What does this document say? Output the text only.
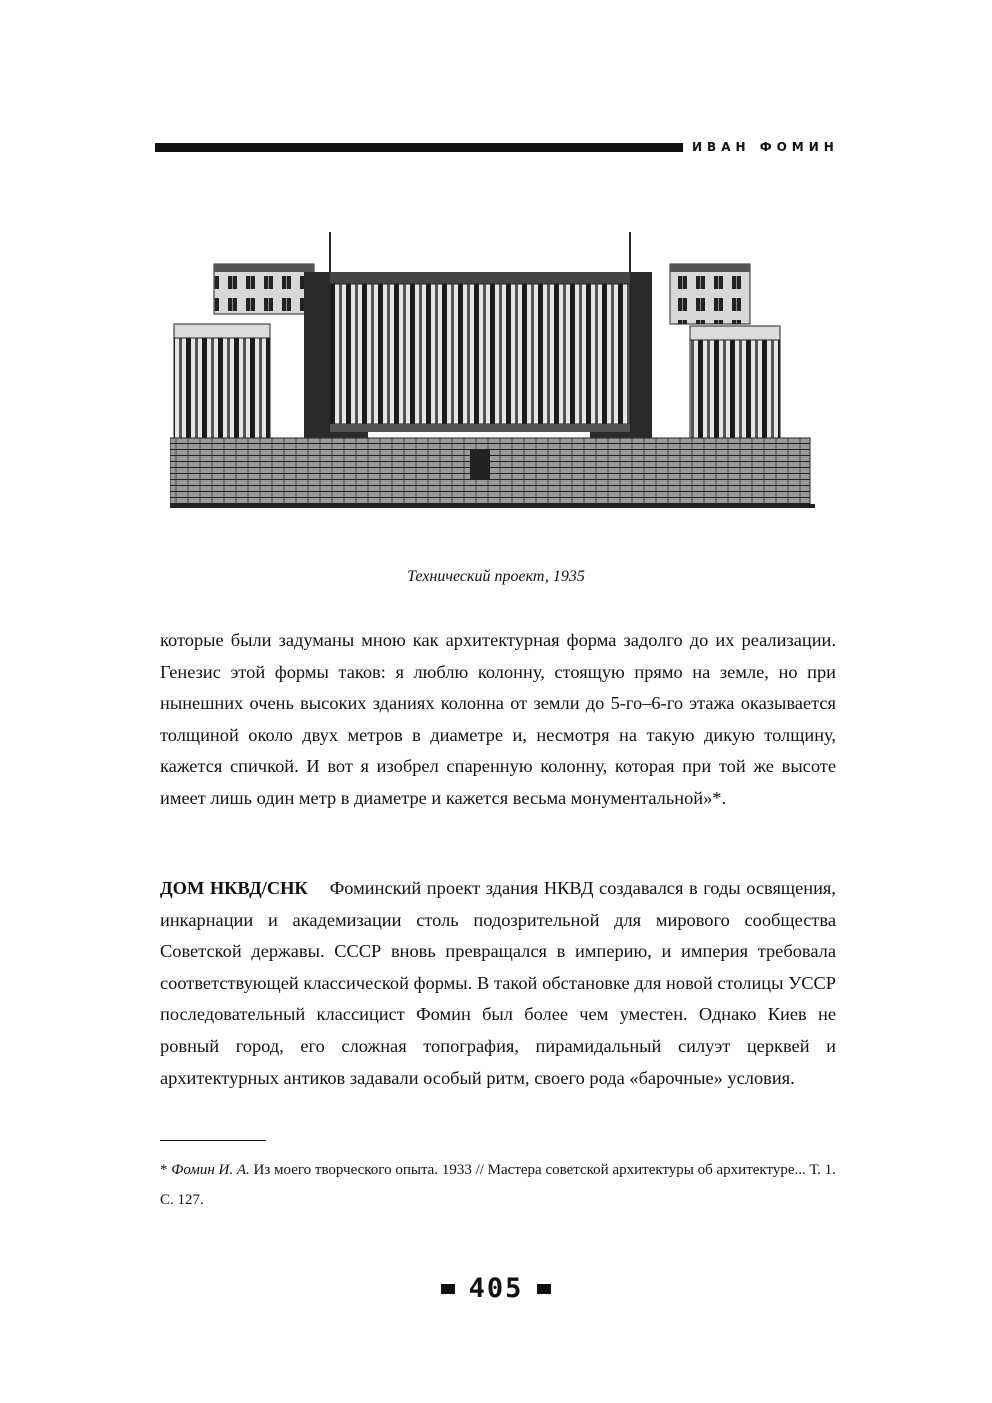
ИВАН ФОМИН
Технический проект, 1935
которые были задуманы мною как архитектурная форма задолго до их реализации. Генезис этой формы таков: я люблю колонну, стоящую прямо на земле, но при нынешних очень высоких зданиях колонна от земли до 5-го–6-го этажа оказывается толщиной около двух метров в диаметре и, несмотря на такую дикую толщину, кажется спичкой. И вот я изобрел спаренную колонну, которая при той же высоте имеет лишь один метр в диаметре и кажется весьма монументальной»*.
ДОМ НКВД/СНК Фоминский проект здания НКВД создавался в годы освящения, инкарнации и академизации столь подозрительной для мирового сообщества Советской державы. СССР вновь превращался в империю, и империя требовала соответствующей классической формы. В такой обстановке для новой столицы УССР последовательный классицист Фомин был более чем уместен. Однако Киев не ровный город, его сложная топография, пирамидальный силуэт церквей и архитектурных антиков задавали особый ритм, своего рода «барочные» условия.
* Фомин И. А. Из моего творческого опыта. 1933 // Мастера советской архитектуры об архитектуре... Т. 1. С. 127.
405
